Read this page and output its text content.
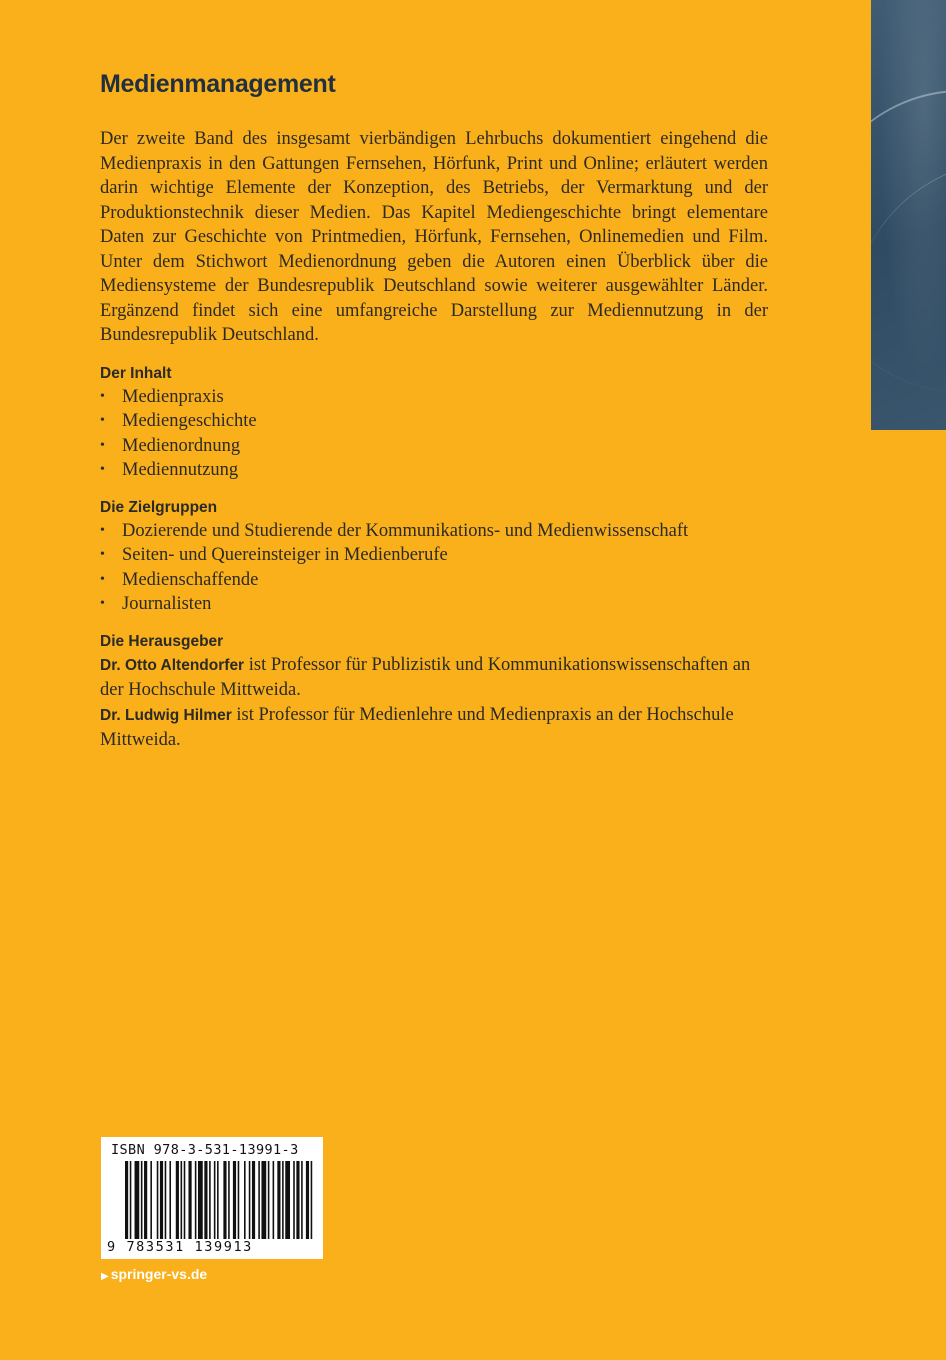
Medienmanagement

Der zweite Band des insgesamt vierbändigen Lehrbuchs dokumentiert eingehend die Medienpraxis in den Gattungen Fernsehen, Hörfunk, Print und Online; erläutert werden darin wichtige Elemente der Konzeption, des Betriebs, der Vermarktung und der Produktionstechnik dieser Medien. Das Kapitel Mediengeschichte bringt elementare Daten zur Geschichte von Printmedien, Hörfunk, Fernsehen, Onlinemedien und Film. Unter dem Stichwort Medienordnung geben die Autoren einen Überblick über die Mediensysteme der Bundesrepublik Deutschland sowie weiterer ausgewählter Länder. Ergänzend findet sich eine umfangreiche Darstellung zur Mediennutzung in der Bundesrepublik Deutschland.

Der Inhalt
• Medienpraxis
• Mediengeschichte
• Medienordnung
• Mediennutzung
Die Zielgruppen
• Dozierende und Studierende der Kommunikations- und Medienwissenschaft
• Seiten- und Quereinsteiger in Medienberufe
• Medienschaffende
• Journalisten
Die Herausgeber

Dr. Otto Altendorfer ist Professor für Publizistik und Kommunikationswissenschaften an der Hochschule Mittweida.

Dr. Ludwig Hilmer ist Professor für Medienlehre und Medienpraxis an der Hochschule Mittweida.

ISBN 978-3-531-13991-3
9 783531 139913
▶ springer-vs.de
